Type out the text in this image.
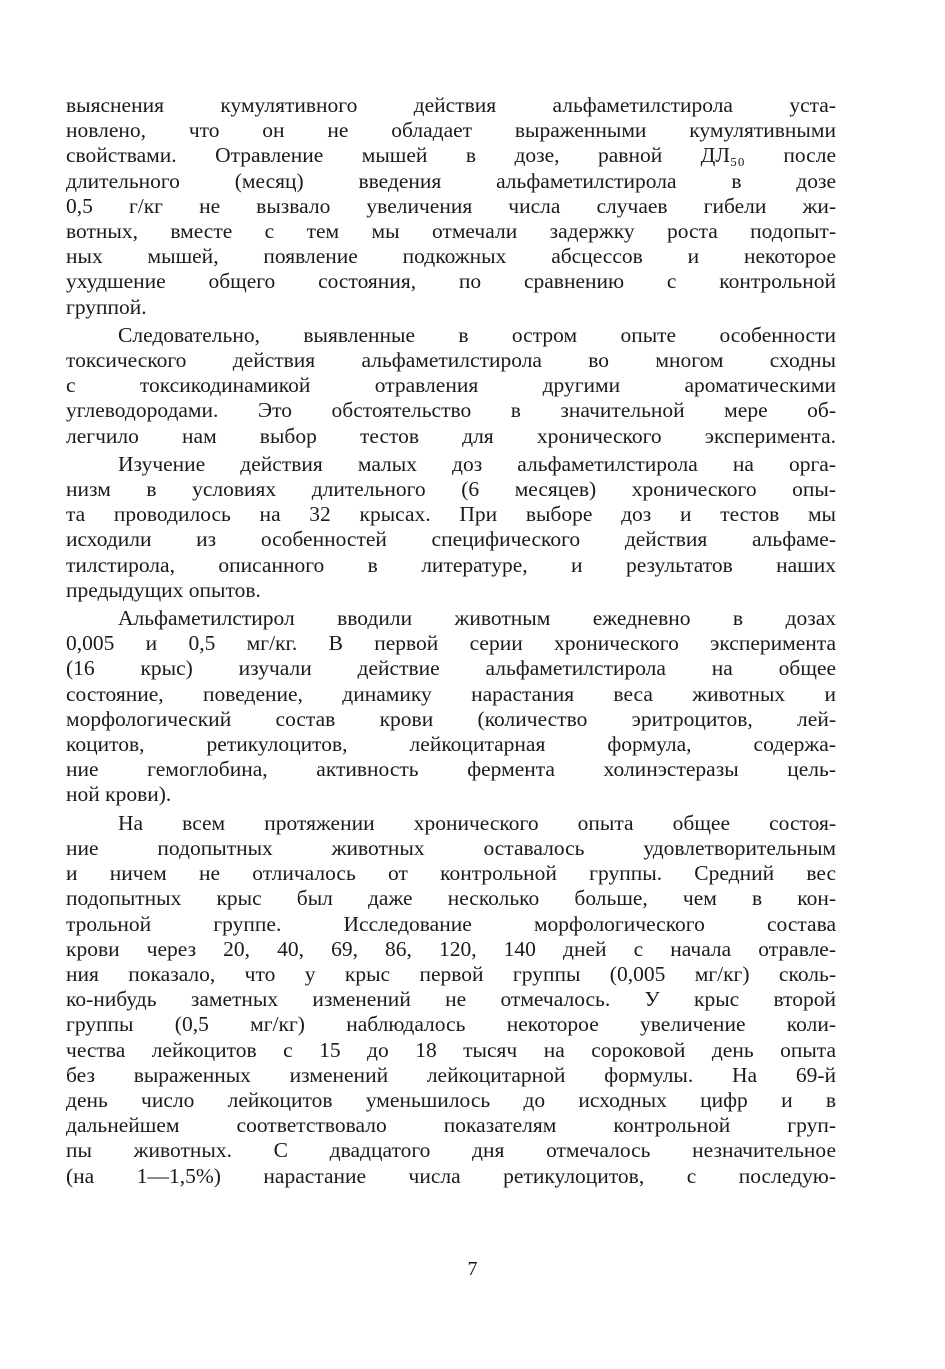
выяснения кумулятивного действия альфаметилстирола уста-
новлено, что он не обладает выраженными кумулятивными
свойствами. Отравление мышей в дозе, равной ДЛ₅₀ после
длительного (месяц) введения альфаметилстирола в дозе
0,5 г/кг не вызвало увеличения числа случаев гибели жи-
вотных, вместе с тем мы отмечали задержку роста подопыт-
ных мышей, появление подкожных абсцессов и некоторое
ухудшение общего состояния, по сравнению с контрольной
группой.
Следовательно, выявленные в остром опыте особенности
токсического действия альфаметилстирола во многом сходны
с токсикодинамикой отравления другими ароматическими
углеводородами. Это обстоятельство в значительной мере об-
легчило нам выбор тестов для хронического эксперимента.
Изучение действия малых доз альфаметилстирола на орга-
низм в условиях длительного (6 месяцев) хронического опы-
та проводилось на 32 крысах. При выборе доз и тестов мы
исходили из особенностей специфического действия альфаме-
тилстирола, описанного в литературе, и результатов наших
предыдущих опытов.
Альфаметилстирол вводили животным ежедневно в дозах
0,005 и 0,5 мг/кг. В первой серии хронического эксперимента
(16 крыс) изучали действие альфаметилстирола на общее
состояние, поведение, динамику нарастания веса животных и
морфологический состав крови (количество эритроцитов, лей-
коцитов, ретикулоцитов, лейкоцитарная формула, содержа-
ние гемоглобина, активность фермента холинэстеразы цель-
ной крови).
На всем протяжении хронического опыта общее состоя-
ние подопытных животных оставалось удовлетворительным
и ничем не отличалось от контрольной группы. Средний вес
подопытных крыс был даже несколько больше, чем в кон-
трольной группе. Исследование морфологического состава
крови через 20, 40, 69, 86, 120, 140 дней с начала отравле-
ния показало, что у крыс первой группы (0,005 мг/кг) сколь-
ко-нибудь заметных изменений не отмечалось. У крыс второй
группы (0,5 мг/кг) наблюдалось некоторое увеличение коли-
чества лейкоцитов с 15 до 18 тысяч на сороковой день опыта
без выраженных изменений лейкоцитарной формулы. На 69-й
день число лейкоцитов уменьшилось до исходных цифр и в
дальнейшем соответствовало показателям контрольной груп-
пы животных. С двадцатого дня отмечалось незначительное
(на 1—1,5%) нарастание числа ретикулоцитов, с последую-
7
